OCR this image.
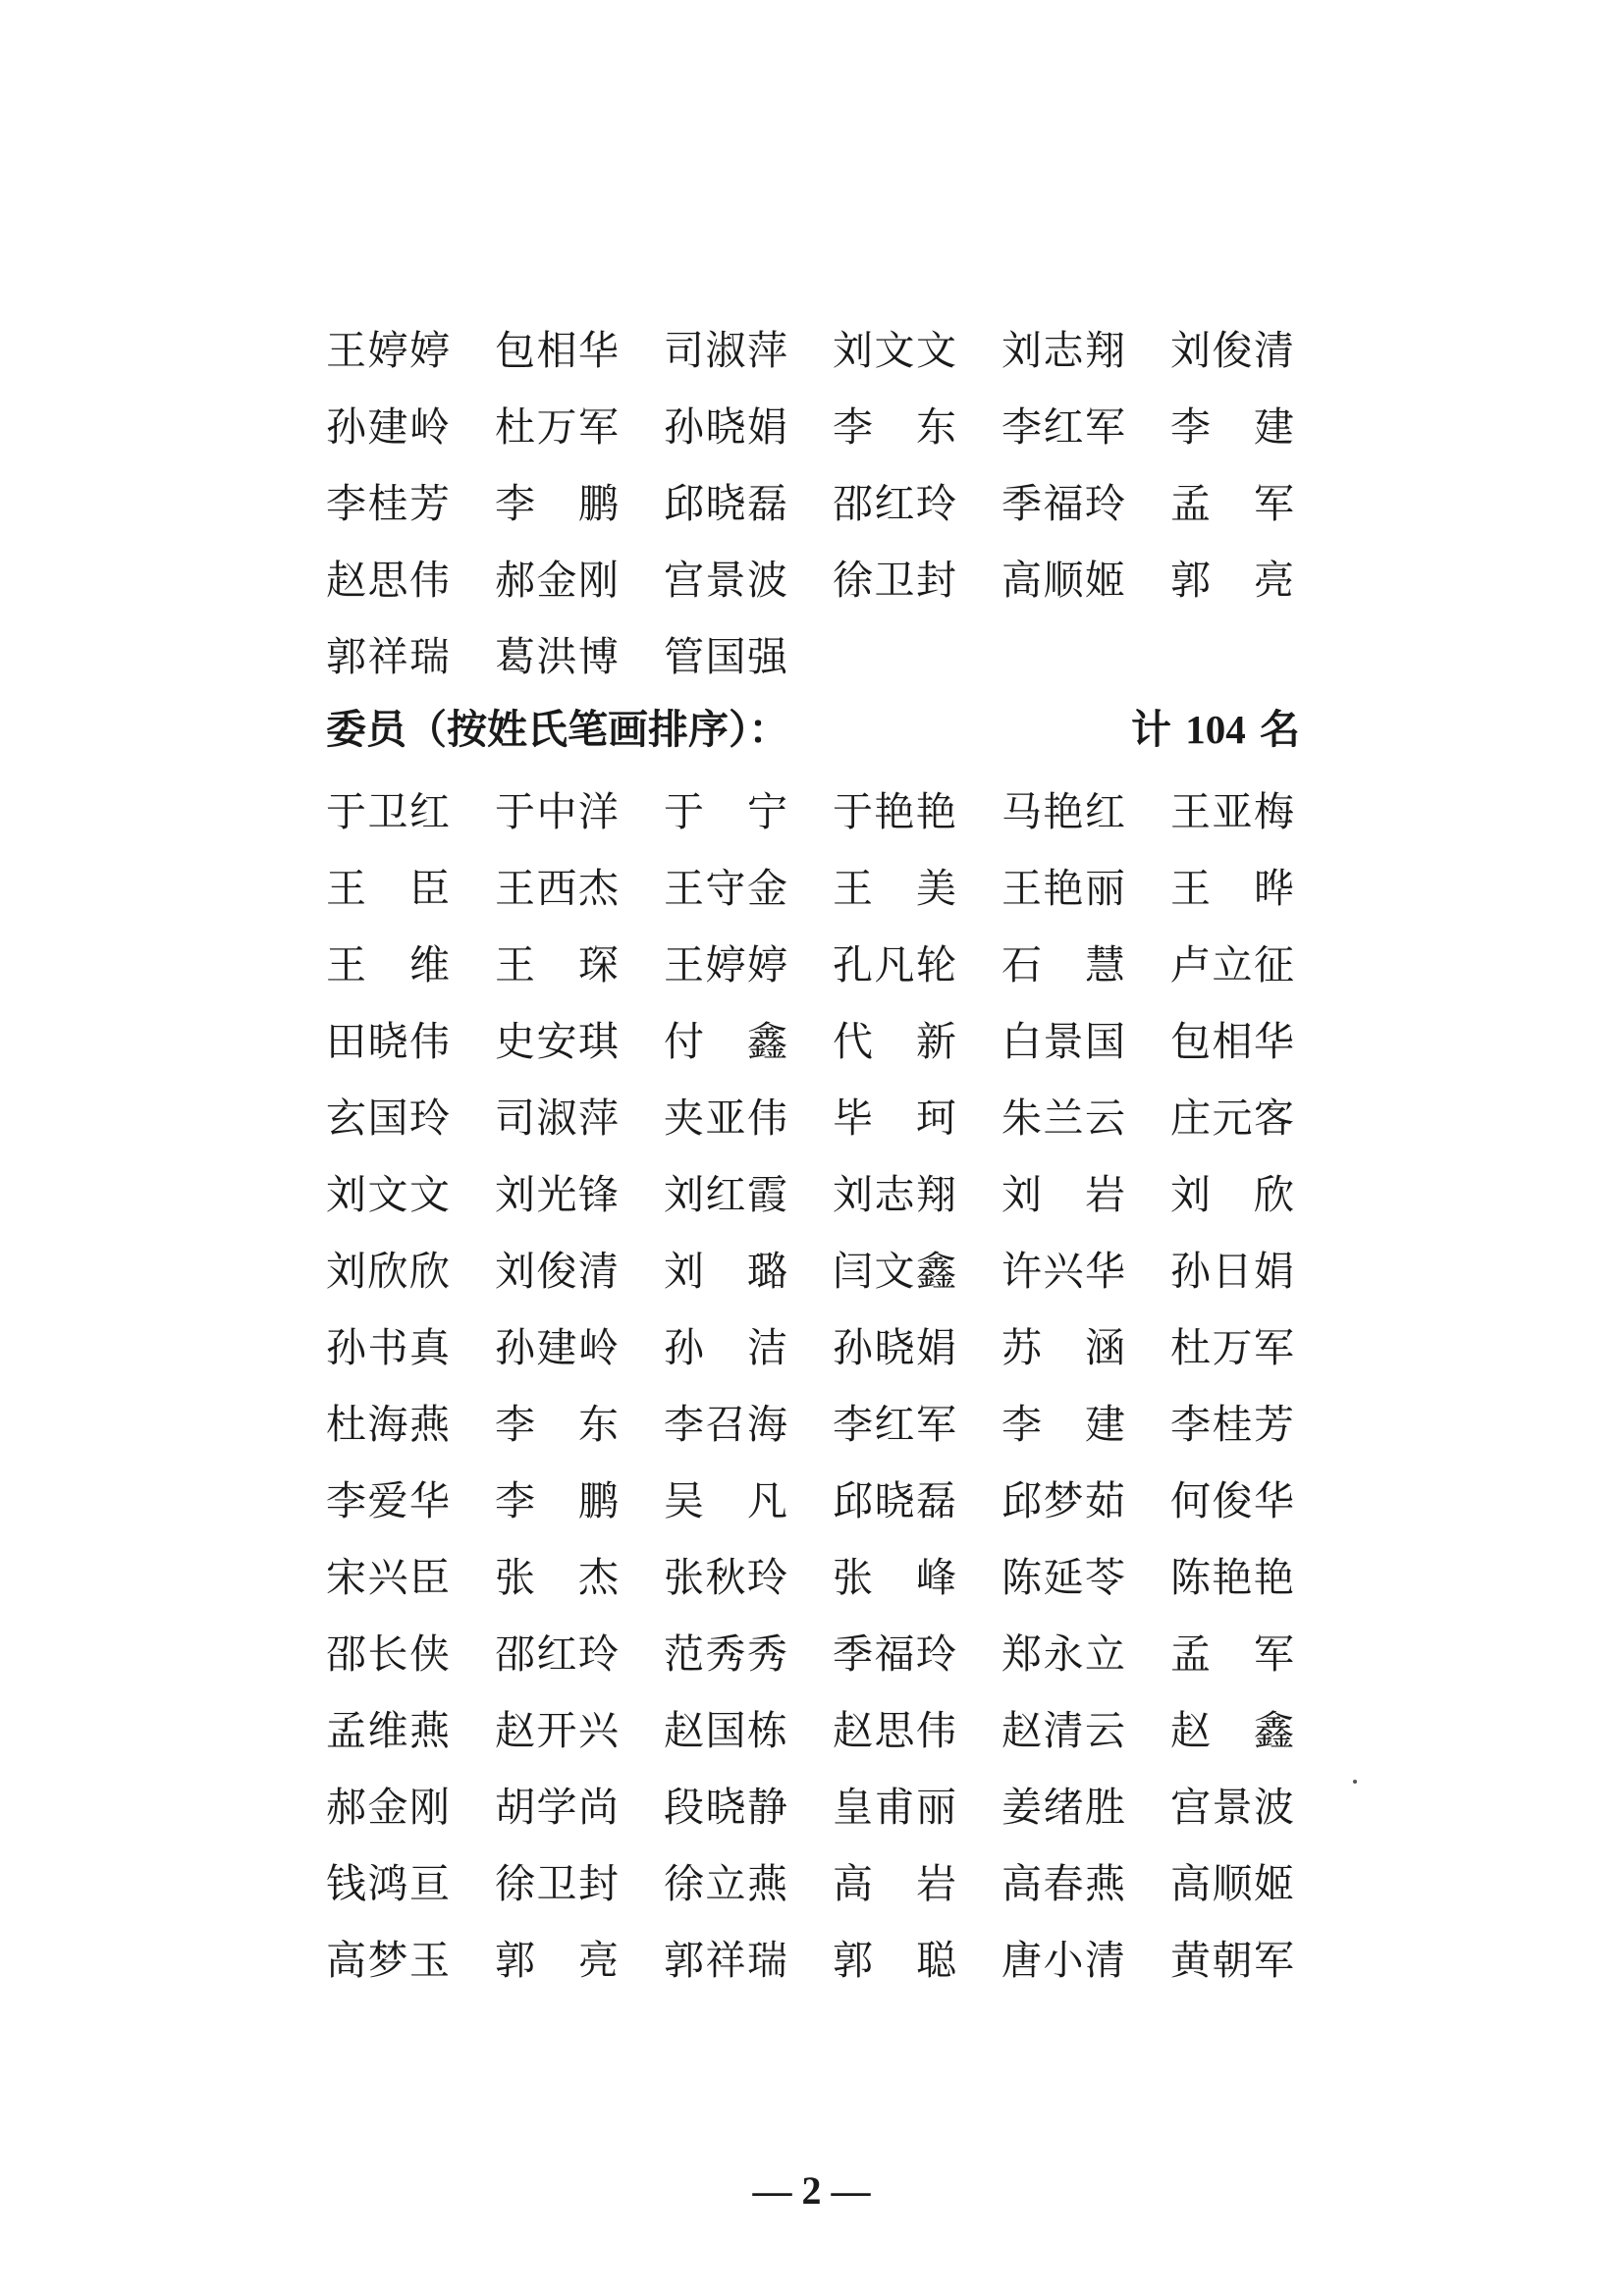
王婷婷 包相华 司淑萍 刘文文 刘志翔 刘俊清
孙建岭 杜万军 孙晓娟 李　东 李红军 李　建
李桂芳 李　鹏 邱晓磊 邵红玲 季福玲 孟　军
赵思伟 郝金刚 宫景波 徐卫封 高顺姬 郭　亮
郭祥瑞 葛洪博 管国强
委员（按姓氏笔画排序）：	计 104 名
于卫红 于中洋 于　宁 于艳艳 马艳红 王亚梅
王　臣 王西杰 王守金 王　美 王艳丽 王　晔
王　维 王　琛 王婷婷 孔凡轮 石　慧 卢立征
田晓伟 史安琪 付　鑫 代　新 白景国 包相华
玄国玲 司淑萍 夹亚伟 毕　珂 朱兰云 庄元客
刘文文 刘光锋 刘红霞 刘志翔 刘　岩 刘　欣
刘欣欣 刘俊清 刘　璐 闫文鑫 许兴华 孙日娟
孙书真 孙建岭 孙　洁 孙晓娟 苏　涵 杜万军
杜海燕 李　东 李召海 李红军 李　建 李桂芳
李爱华 李　鹏 吴　凡 邱晓磊 邱梦茹 何俊华
宋兴臣 张　杰 张秋玲 张　峰 陈延苓 陈艳艳
邵长侠 邵红玲 范秀秀 季福玲 郑永立 孟　军
孟维燕 赵开兴 赵国栋 赵思伟 赵清云 赵　鑫
郝金刚 胡学尚 段晓静 皇甫丽 姜绪胜 宫景波
钱鸿亘 徐卫封 徐立燕 高　岩 高春燕 高顺姬
高梦玉 郭　亮 郭祥瑞 郭　聪 唐小清 黄朝军
— 2 —
